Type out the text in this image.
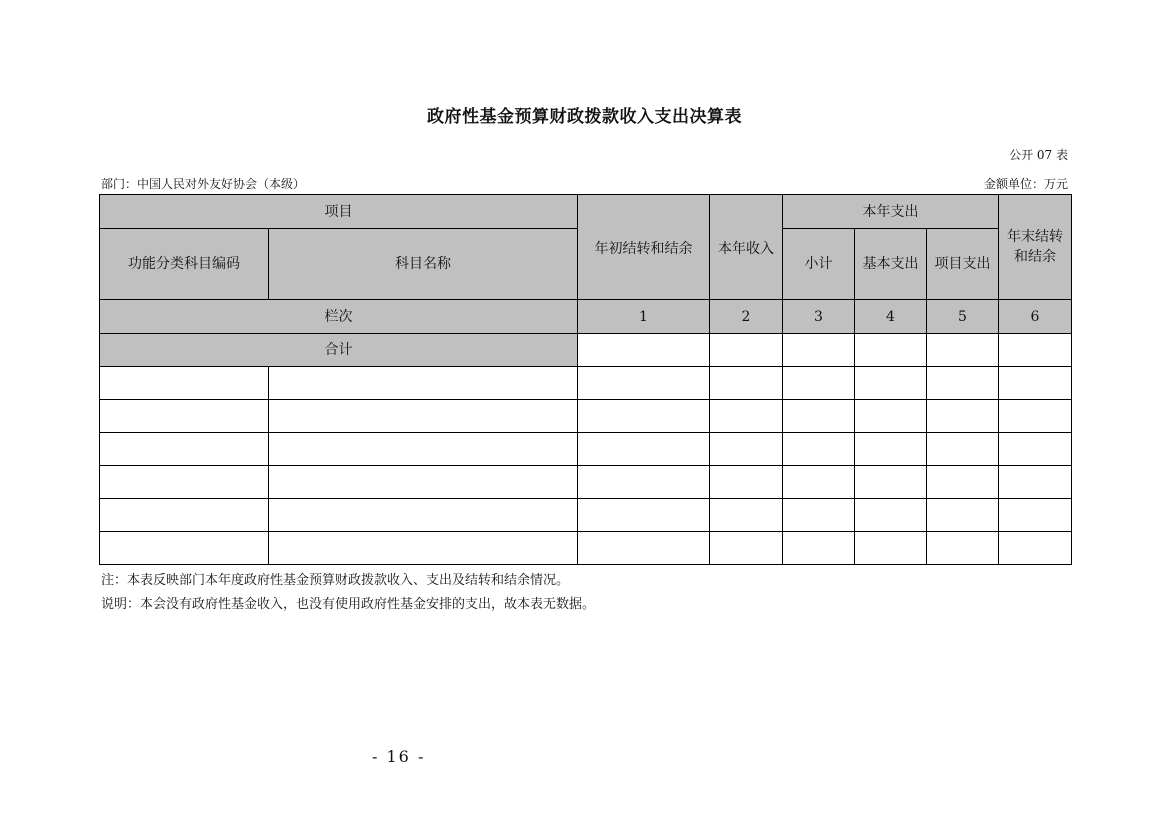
政府性基金预算财政拨款收入支出决算表
公开 07 表
部门：中国人民对外友好协会（本级）	金额单位：万元
项目		年初结转和结余	本年收入	本年支出			年末结转
和结余
功能分类科目编码	科目名称			小计	基本支出	项目支出	
栏次		1	2	3	4	5	6
合计							

注：本表反映部门本年度政府性基金预算财政拨款收入、支出及结转和结余情况。
说明：本会没有政府性基金收入，也没有使用政府性基金安排的支出，故本表无数据。
- 16 -
